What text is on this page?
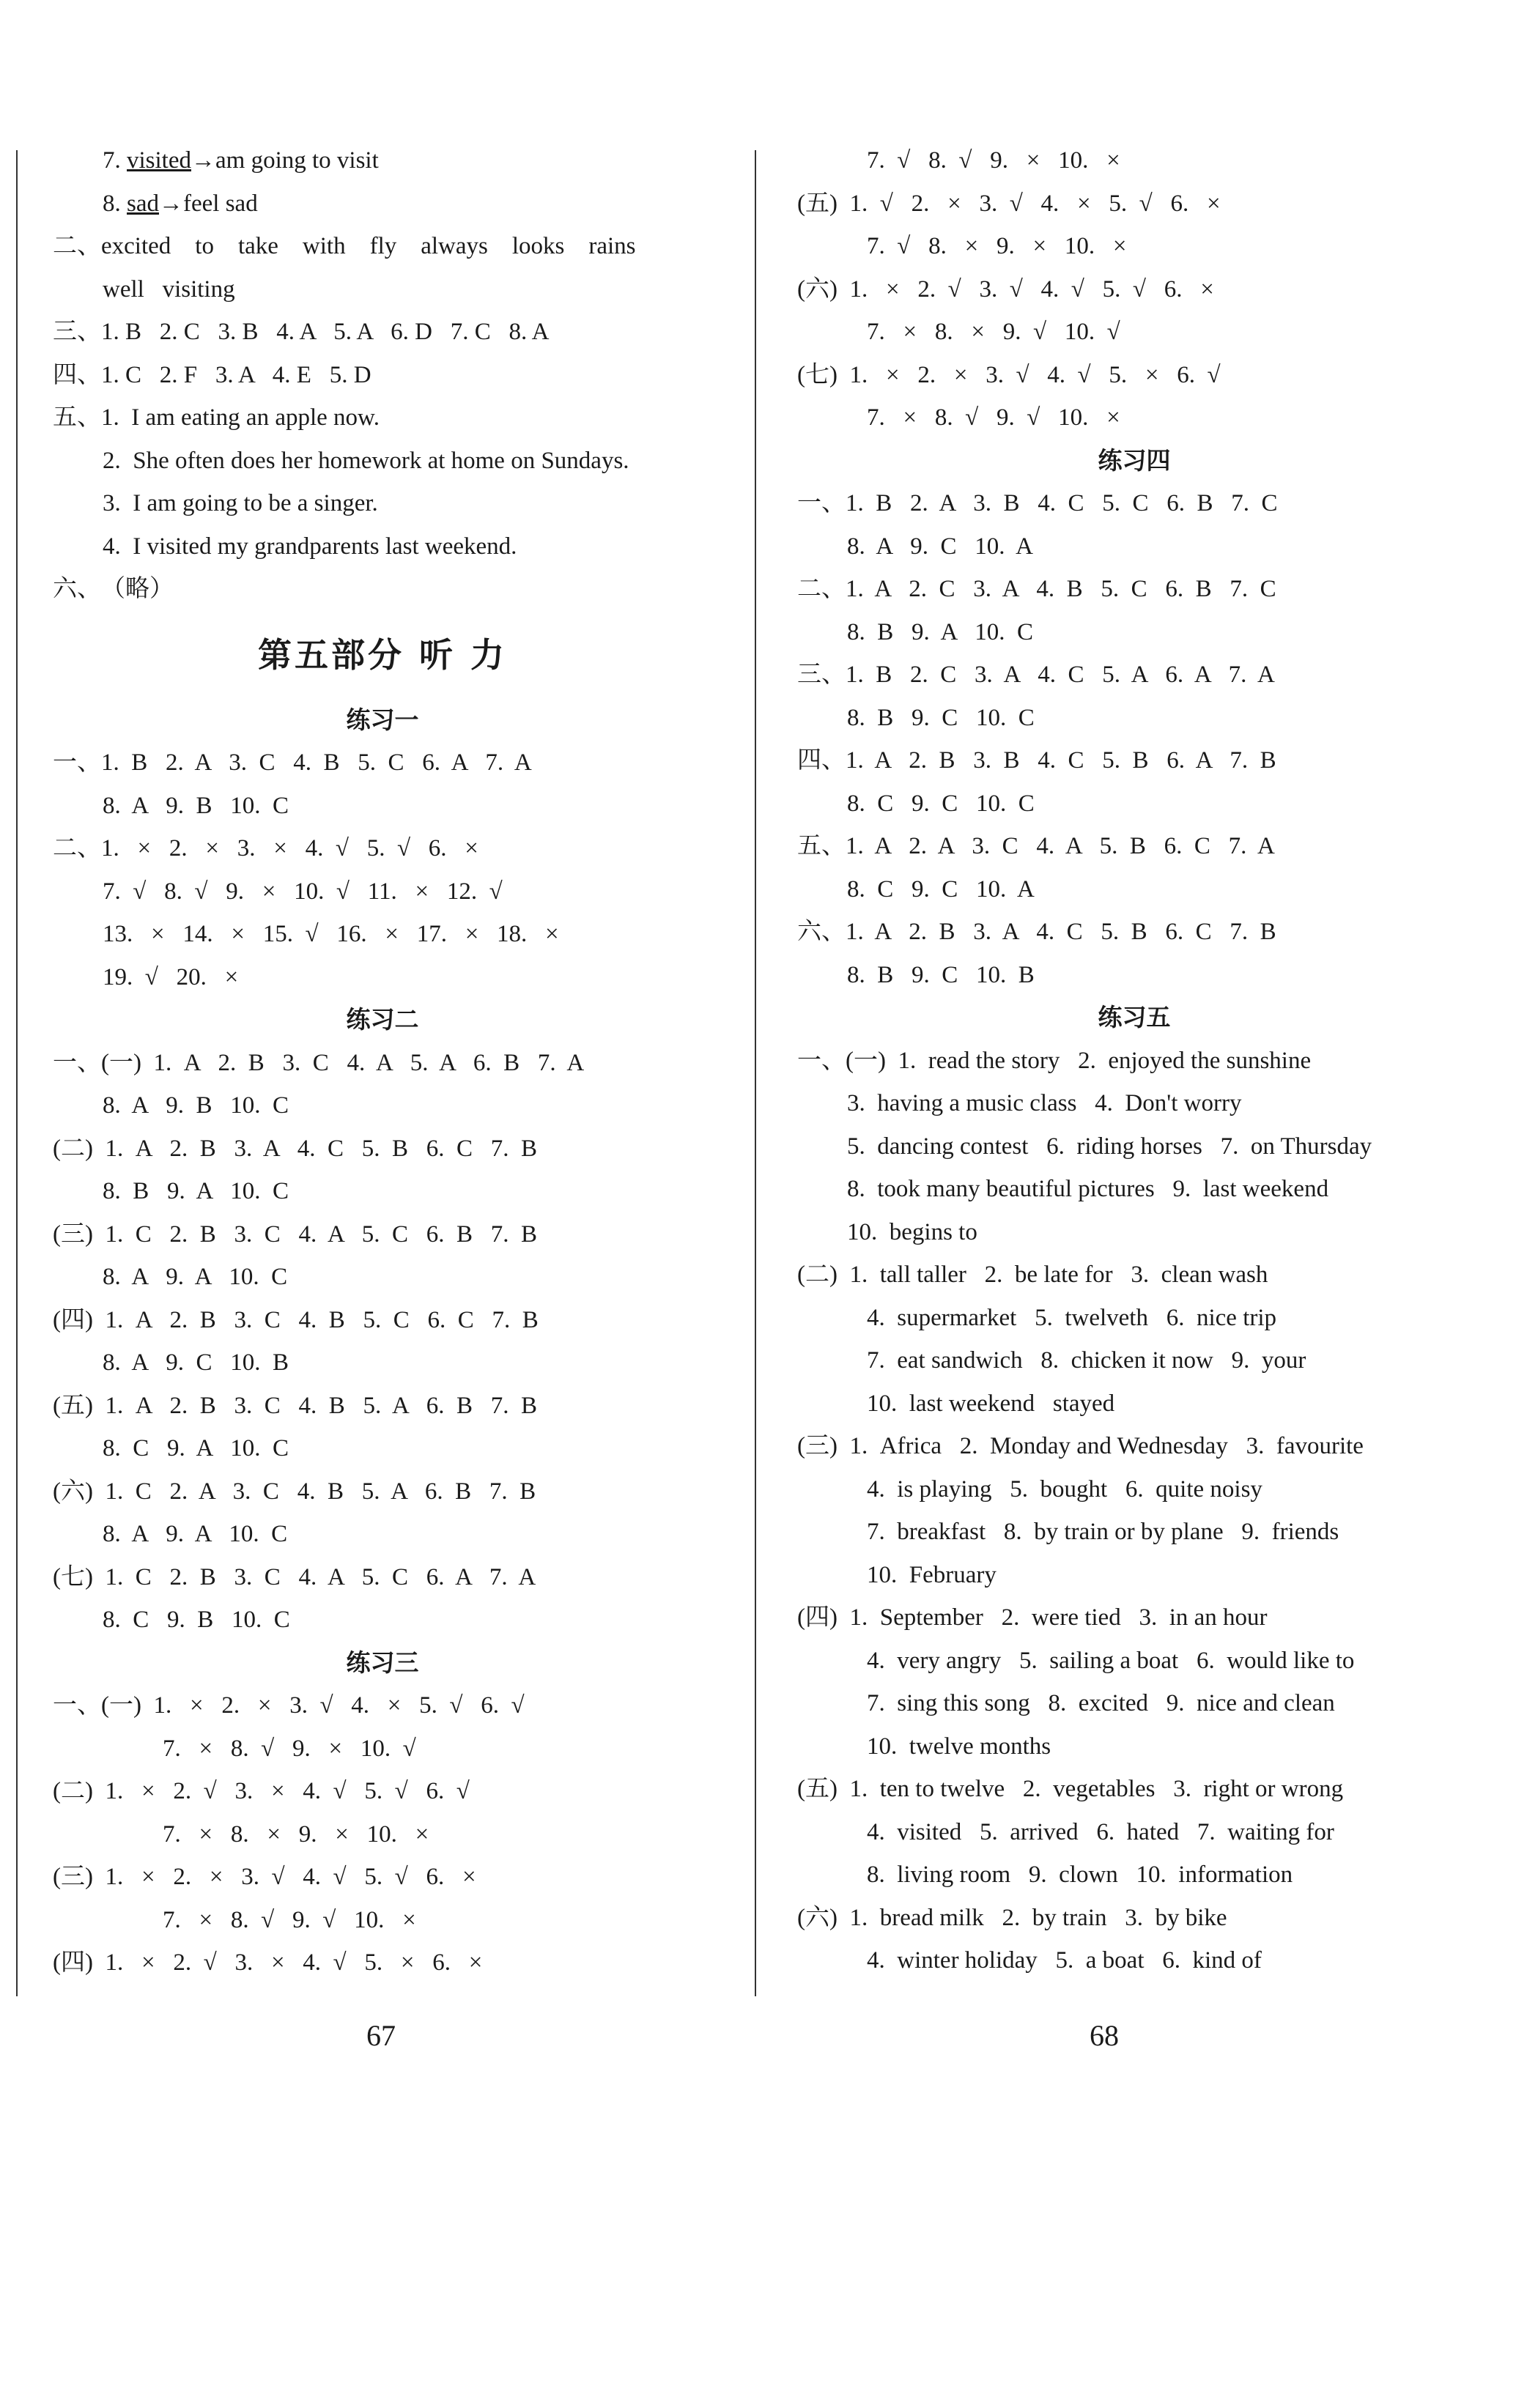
7. visited→am going to visit
8. sad→feel sad
二、excited    to    take    with    fly    always    looks    rains
well   visiting
三、1. B   2. C   3. B   4. A   5. A   6. D   7. C   8. A
四、1. C   2. F   3. A   4. E   5. D
五、1.  I am eating an apple now.
2.  She often does her homework at home on Sundays.
3.  I am going to be a singer.
4.  I visited my grandparents last weekend.
六、（略）
第五部分 听 力
练习一
一、1.  B   2.  A   3.  C   4.  B   5.  C   6.  A   7.  A
8.  A   9.  B   10.  C
二、1.   ×   2.   ×   3.   ×   4.  √   5.  √   6.   ×
7.  √   8.  √   9.   ×   10.  √   11.   ×   12.  √
13.   ×   14.   ×   15.  √   16.   ×   17.   ×   18.   ×
19.  √   20.   ×
练习二
一、(一)  1.  A   2.  B   3.  C   4.  A   5.  A   6.  B   7.  A
8.  A   9.  B   10.  C
(二)  1.  A   2.  B   3.  A   4.  C   5.  B   6.  C   7.  B
8.  B   9.  A   10.  C
(三)  1.  C   2.  B   3.  C   4.  A   5.  C   6.  B   7.  B
8.  A   9.  A   10.  C
(四)  1.  A   2.  B   3.  C   4.  B   5.  C   6.  C   7.  B
8.  A   9.  C   10.  B
(五)  1.  A   2.  B   3.  C   4.  B   5.  A   6.  B   7.  B
8.  C   9.  A   10.  C
(六)  1.  C   2.  A   3.  C   4.  B   5.  A   6.  B   7.  B
8.  A   9.  A   10.  C
(七)  1.  C   2.  B   3.  C   4.  A   5.  C   6.  A   7.  A
8.  C   9.  B   10.  C
练习三
一、(一)  1.   ×   2.   ×   3.  √   4.   ×   5.  √   6.  √
7.   ×   8.  √   9.   ×   10.  √
(二)  1.   ×   2.  √   3.   ×   4.  √   5.  √   6.  √
7.   ×   8.   ×   9.   ×   10.   ×
(三)  1.   ×   2.   ×   3.  √   4.  √   5.  √   6.   ×
7.   ×   8.  √   9.  √   10.   ×
(四)  1.   ×   2.  √   3.   ×   4.  √   5.   ×   6.   ×
7.  √   8.  √   9.   ×   10.   ×
(五)  1.  √   2.   ×   3.  √   4.   ×   5.  √   6.   ×
7.  √   8.   ×   9.   ×   10.   ×
(六)  1.   ×   2.  √   3.  √   4.  √   5.  √   6.   ×
7.   ×   8.   ×   9.  √   10.  √
(七)  1.   ×   2.   ×   3.  √   4.  √   5.   ×   6.  √
7.   ×   8.  √   9.  √   10.   ×
练习四
一、1.  B   2.  A   3.  B   4.  C   5.  C   6.  B   7.  C
8.  A   9.  C   10.  A
二、1.  A   2.  C   3.  A   4.  B   5.  C   6.  B   7.  C
8.  B   9.  A   10.  C
三、1.  B   2.  C   3.  A   4.  C   5.  A   6.  A   7.  A
8.  B   9.  C   10.  C
四、1.  A   2.  B   3.  B   4.  C   5.  B   6.  A   7.  B
8.  C   9.  C   10.  C
五、1.  A   2.  A   3.  C   4.  A   5.  B   6.  C   7.  A
8.  C   9.  C   10.  A
六、1.  A   2.  B   3.  A   4.  C   5.  B   6.  C   7.  B
8.  B   9.  C   10.  B
练习五
一、(一)  1.  read the story   2.  enjoyed the sunshine
3.  having a music class   4.  Don't worry
5.  dancing contest   6.  riding horses   7.  on Thursday
8.  took many beautiful pictures   9.  last weekend
10.  begins to
(二)  1.  tall taller   2.  be late for   3.  clean wash
4.  supermarket   5.  twelveth   6.  nice trip
7.  eat sandwich   8.  chicken it now   9.  your
10.  last weekend   stayed
(三)  1.  Africa   2.  Monday and Wednesday   3.  favourite
4.  is playing   5.  bought   6.  quite noisy
7.  breakfast   8.  by train or by plane   9.  friends
10.  February
(四)  1.  September   2.  were tied   3.  in an hour
4.  very angry   5.  sailing a boat   6.  would like to
7.  sing this song   8.  excited   9.  nice and clean
10.  twelve months
(五)  1.  ten to twelve   2.  vegetables   3.  right or wrong
4.  visited   5.  arrived   6.  hated   7.  waiting for
8.  living room   9.  clown   10.  information
(六)  1.  bread milk   2.  by train   3.  by bike
4.  winter holiday   5.  a boat   6.  kind of
67	68
